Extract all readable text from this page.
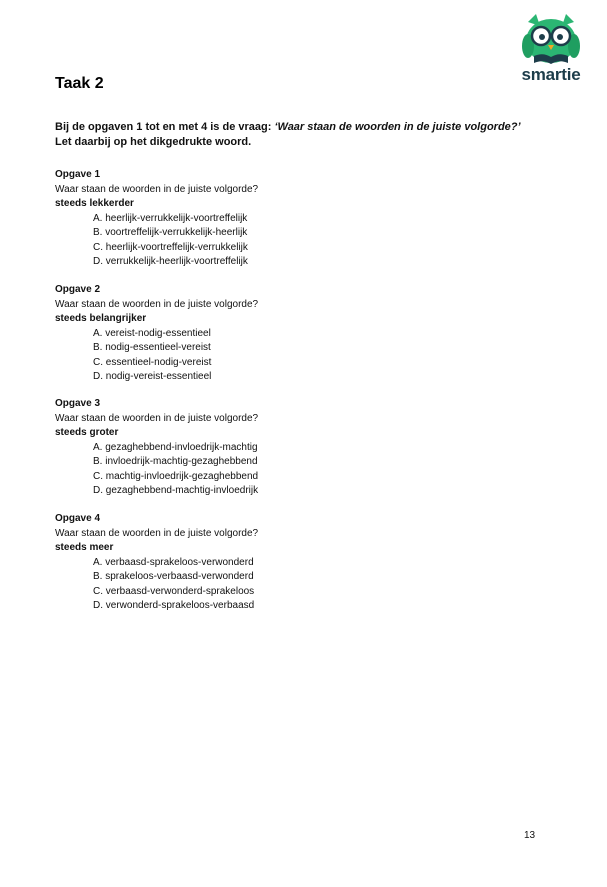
smartie
Taak 2
Bij de opgaven 1 tot en met 4 is de vraag: ‘Waar staan de woorden in de juiste volgorde?’
Let daarbij op het dikgedrukte woord.
Opgave 1
Waar staan de woorden in de juiste volgorde?
steeds lekkerder
A. heerlijk-verrukkelijk-voortreffelijk
B. voortreffelijk-verrukkelijk-heerlijk
C. heerlijk-voortreffelijk-verrukkelijk
D. verrukkelijk-heerlijk-voortreffelijk
Opgave 2
Waar staan de woorden in de juiste volgorde?
steeds belangrijker
A. vereist-nodig-essentieel
B. nodig-essentieel-vereist
C. essentieel-nodig-vereist
D. nodig-vereist-essentieel
Opgave 3
Waar staan de woorden in de juiste volgorde?
steeds groter
A. gezaghebbend-invloedrijk-machtig
B. invloedrijk-machtig-gezaghebbend
C. machtig-invloedrijk-gezaghebbend
D. gezaghebbend-machtig-invloedrijk
Opgave 4
Waar staan de woorden in de juiste volgorde?
steeds meer
A. verbaasd-sprakeloos-verwonderd
B. sprakeloos-verbaasd-verwonderd
C. verbaasd-verwonderd-sprakeloos
D. verwonderd-sprakeloos-verbaasd
13
